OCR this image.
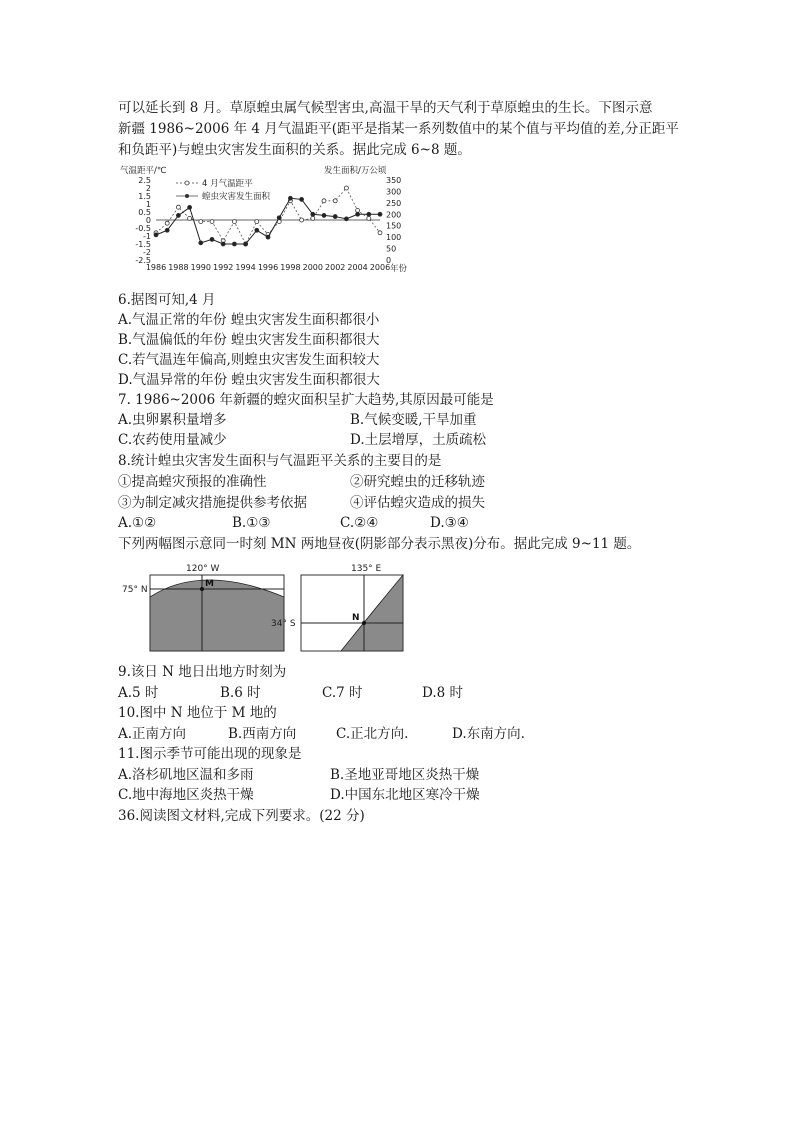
可以延长到 8 月。草原蝗虫属气候型害虫,高温干旱的天气利于草原蝗虫的生长。下图示意
新疆 1986~2006 年 4 月气温距平(距平是指某一系列数值中的某个值与平均值的差,分正距平
和负距平)与蝗虫灾害发生面积的关系。据此完成 6~8 题。
气温距平/℃	发生面积/万公顷
年份
2.5
2
1.5
1
0.5
0
-0.5
-1
-1.5
-2
-2.5
350
300
250
200
150
100
50
0
1986 1988 1990 1992 1994 1996 1998 2000 2002 2004 2006
4 月气温距平
蝗虫灾害发生面积
6.据图可知,4 月
A.气温正常的年份 蝗虫灾害发生面积都很小
B.气温偏低的年份 蝗虫灾害发生面积都很大
C.若气温连年偏高,则蝗虫灾害发生面积较大
D.气温异常的年份 蝗虫灾害发生面积都很大
7. 1986~2006 年新疆的蝗灾面积呈扩大趋势,其原因最可能是
A.虫卵累积量增多	B.气候变暖,干旱加重
C.农药使用量减少	D.土层增厚，土质疏松
8.统计蝗虫灾害发生面积与气温距平关系的主要目的是
①提高蝗灾预报的准确性	②研究蝗虫的迁移轨迹
③为制定减灾措施提供参考依据	④评估蝗灾造成的损失
A.①②	B.①③	C.②④	D.③④
下列两幅图示意同一时刻 MN 两地昼夜(阴影部分表示黑夜)分布。据此完成 9~11 题。
120° W
M
75° N
135° E
N
34° S
9.该日 N 地日出地方时刻为
A.5 时	B.6 时	C.7 时	D.8 时
10.图中 N 地位于 M 地的
A.正南方向	B.西南方向	C.正北方向.	D.东南方向.
11.图示季节可能出现的现象是
A.洛杉矶地区温和多雨	B.圣地亚哥地区炎热干燥
C.地中海地区炎热干燥	D.中国东北地区寒冷干燥
36.阅读图文材料,完成下列要求。(22 分)
